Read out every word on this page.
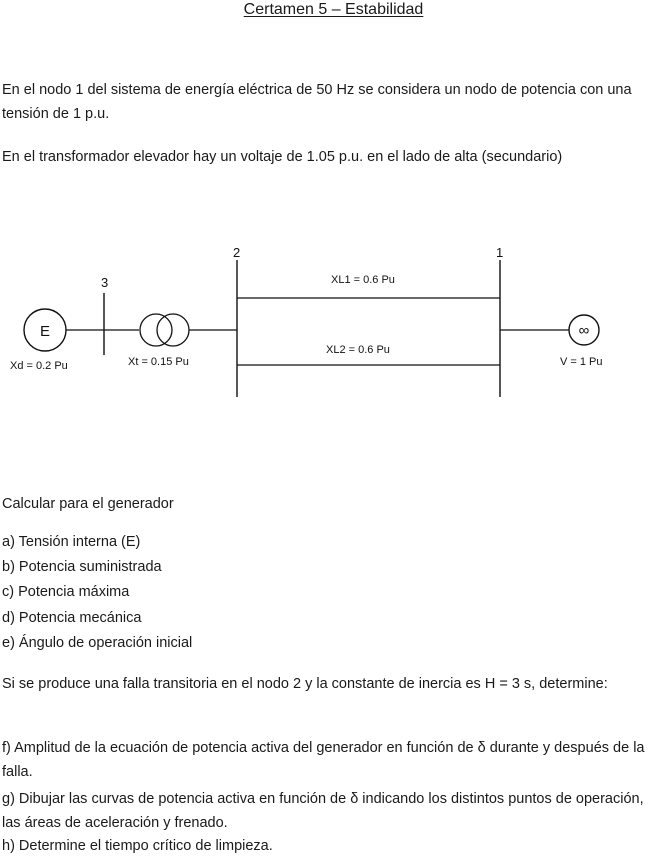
Certamen 5 – Estabilidad

En el nodo 1 del sistema de energía eléctrica de 50 Hz se considera un nodo de potencia con una tensión de 1 p.u.

En el transformador elevador hay un voltaje de 1.05 p.u. en el lado de alta (secundario)

E
Xd = 0.2 Pu
3
Xt = 0.15 Pu
2
XL1 = 0.6 Pu
XL2 = 0.6 Pu
1
∞
V = 1 Pu

Calcular para el generador

a) Tensión interna (E)

b) Potencia suministrada

c) Potencia máxima

d) Potencia mecánica

e) Ángulo de operación inicial

Si se produce una falla transitoria en el nodo 2 y la constante de inercia es H = 3 s, determine:

f) Amplitud de la ecuación de potencia activa del generador en función de δ durante y después de la falla.

g) Dibujar las curvas de potencia activa en función de δ indicando los distintos puntos de operación, las áreas de aceleración y frenado.

h) Determine el tiempo crítico de limpieza.
